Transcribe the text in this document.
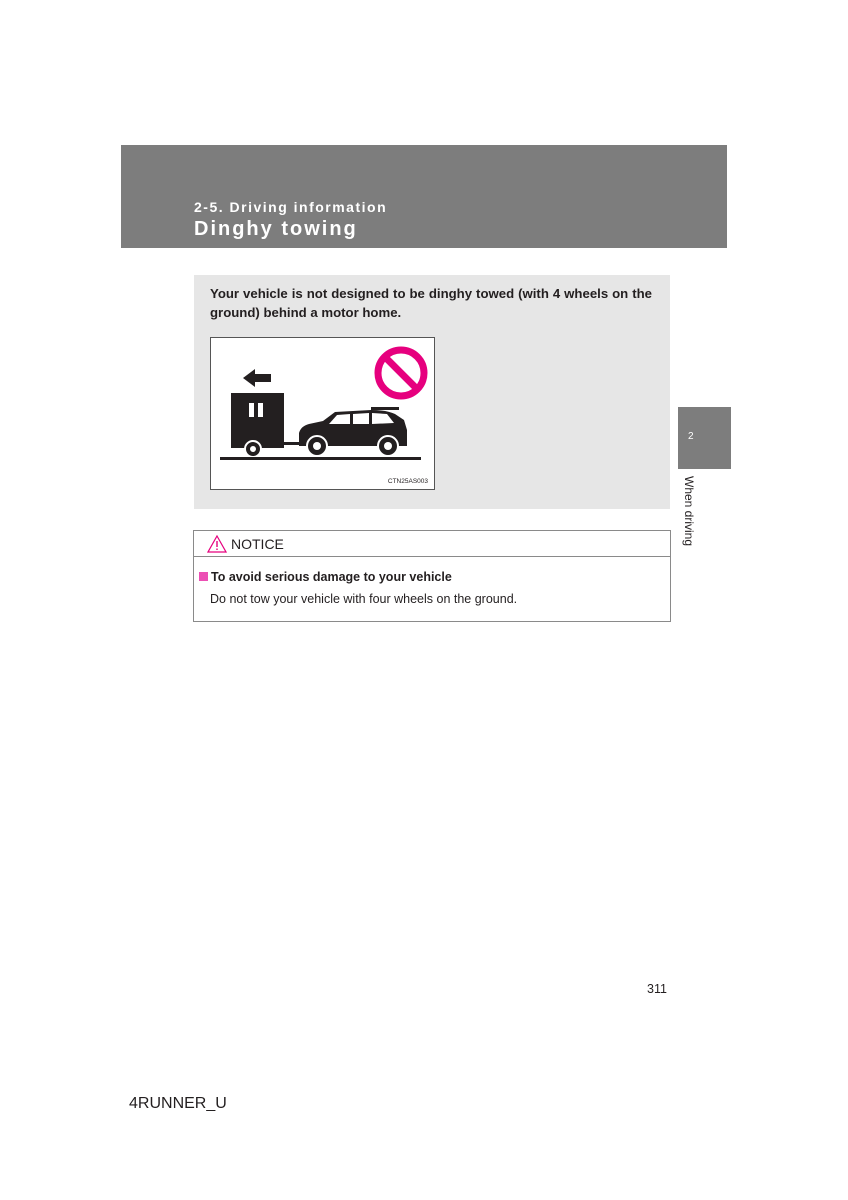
2-5. Driving information
Dinghy towing
2
When driving
Your vehicle is not designed to be dinghy towed (with 4 wheels on the ground) behind a motor home.
CTN25AS003
NOTICE
To avoid serious damage to your vehicle
Do not tow your vehicle with four wheels on the ground.
311
4RUNNER_U
